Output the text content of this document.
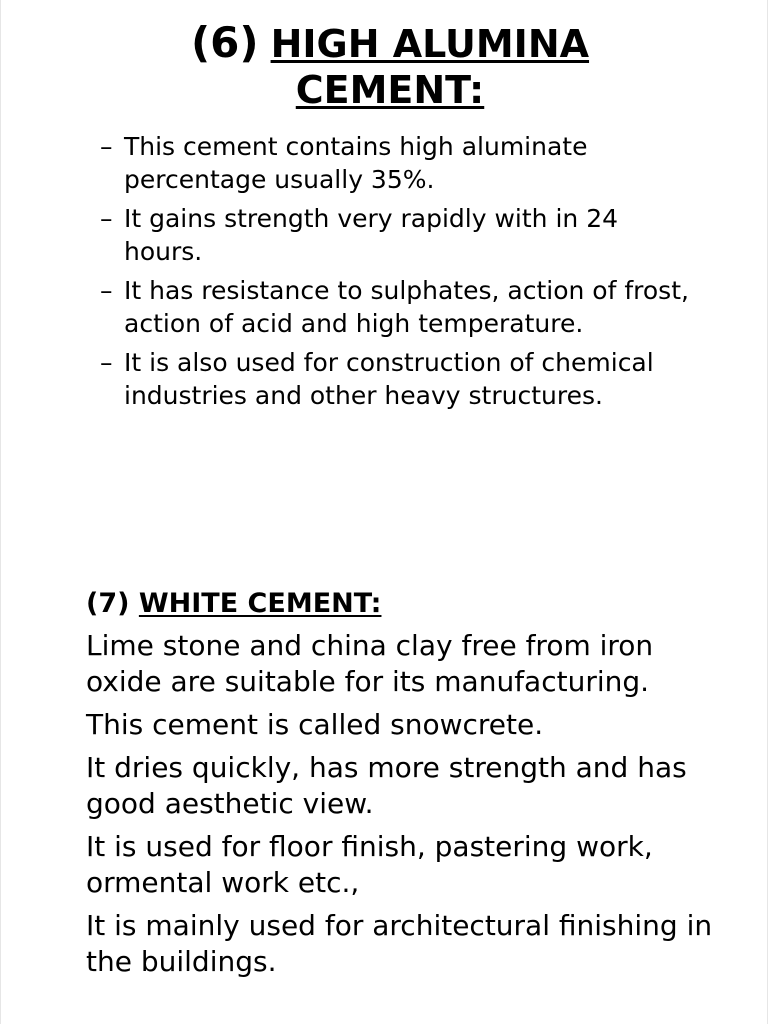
(6) HIGH ALUMINA
CEMENT:
– This cement contains high aluminate percentage usually 35%.
– It gains strength very rapidly with in 24 hours.
– It has resistance to sulphates, action of frost, action of acid and high temperature.
– It is also used for construction of chemical industries and other heavy structures.
(7) WHITE CEMENT:

Lime stone and china clay free from iron oxide are suitable for its manufacturing.

This cement is called snowcrete.

It dries quickly, has more strength and has good aesthetic view.

It is used for floor finish, pastering work, ormental work etc.,

It is mainly used for architectural finishing in the buildings.
